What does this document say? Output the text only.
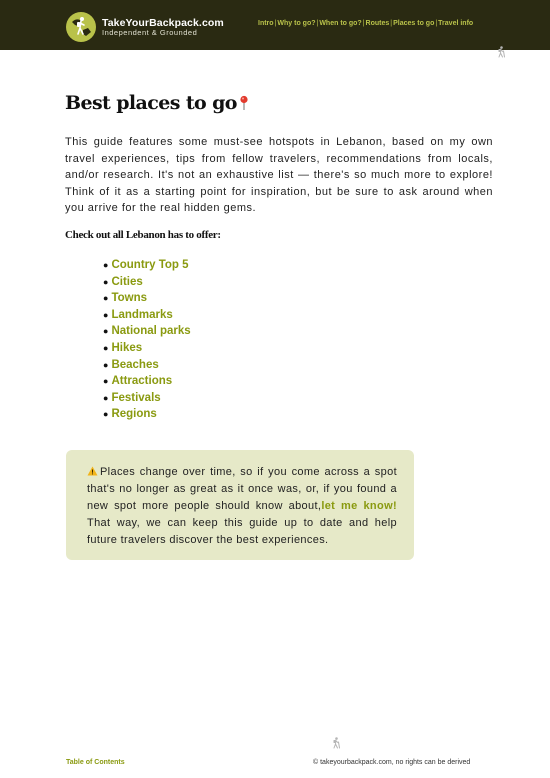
TakeYourBackpack.com
Independent & Grounded
Intro|Why to go?|When to go?|Routes|Places to go|Travel info
Best places to go

This guide features some must-see hotspots in Lebanon, based on my own travel experiences, tips from fellow travelers, recommendations from locals, and/or research. It's not an exhaustive list — there's so much more to explore! Think of it as a starting point for inspiration, but be sure to ask around when you arrive for the real hidden gems.

Check out all Lebanon has to offer:
● Country Top 5
● Cities
● Towns
● Landmarks
● National parks
● Hikes
● Beaches
● Attractions
● Festivals
● Regions
Places change over time, so if you come across a spot that's no longer as great as it once was, or, if you found a new spot more people should know about,let me know! That way, we can keep this guide up to date and help future travelers discover the best experiences.
Table of Contents	© takeyourbackpack.com, no rights can be derived
